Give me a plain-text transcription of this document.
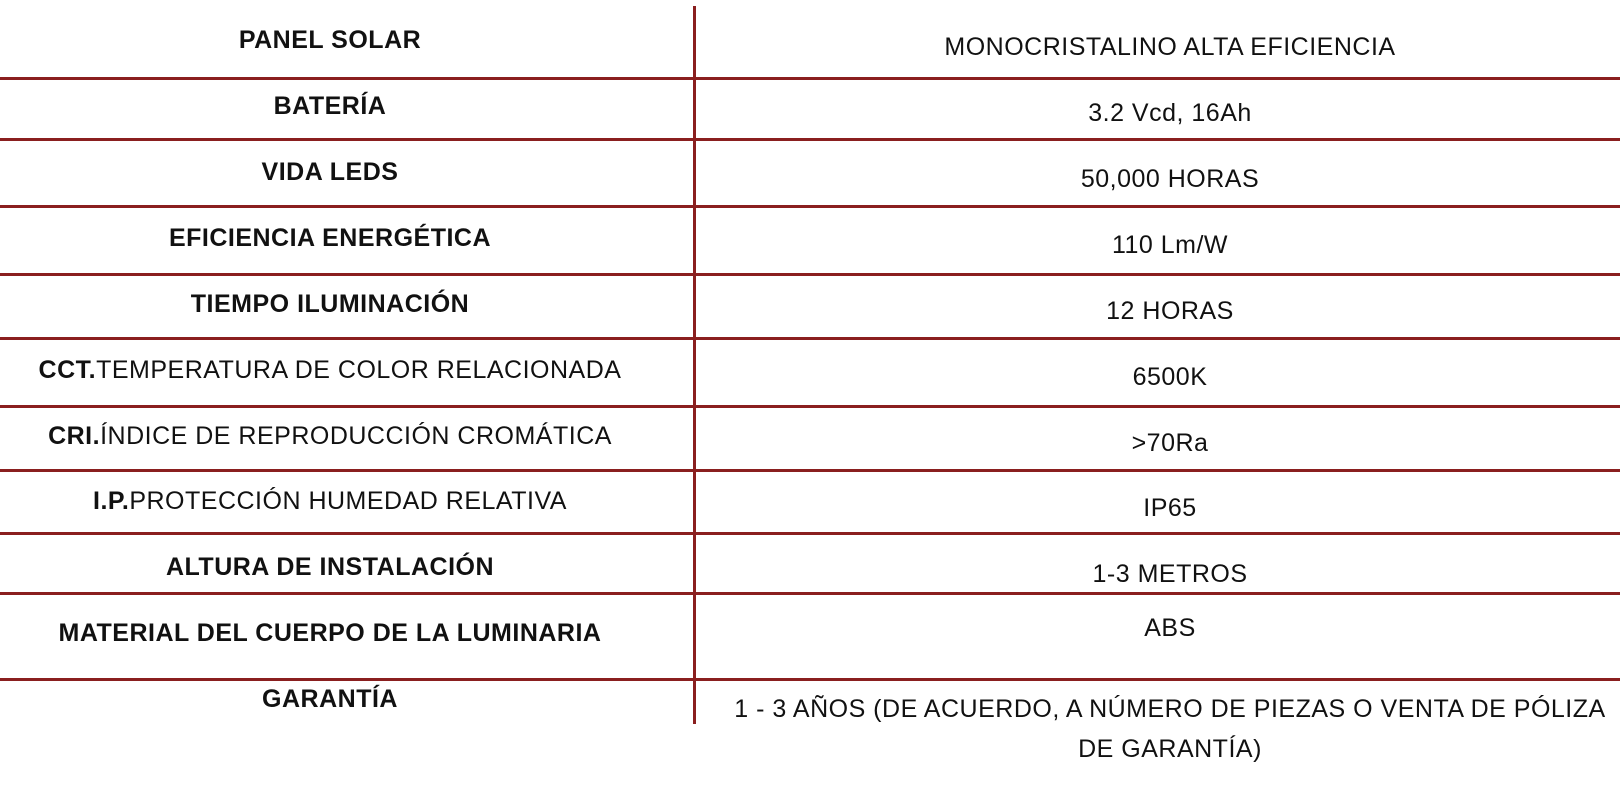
PANEL SOLAR	MONOCRISTALINO ALTA EFICIENCIA
BATERÍA	3.2 Vcd, 16Ah
VIDA LEDS	50,000 HORAS
EFICIENCIA ENERGÉTICA	110 Lm/W
TIEMPO ILUMINACIÓN	12 HORAS
CCT. TEMPERATURA DE COLOR RELACIONADA	6500K
CRI. ÍNDICE DE REPRODUCCIÓN CROMÁTICA	>70Ra
I.P. PROTECCIÓN HUMEDAD RELATIVA	IP65
ALTURA DE INSTALACIÓN	1-3 METROS
MATERIAL DEL CUERPO DE LA LUMINARIA	ABS
GARANTÍA	1 - 3 AÑOS (DE ACUERDO, A NÚMERO DE PIEZAS O VENTA DE PÓLIZA DE GARANTÍA)
